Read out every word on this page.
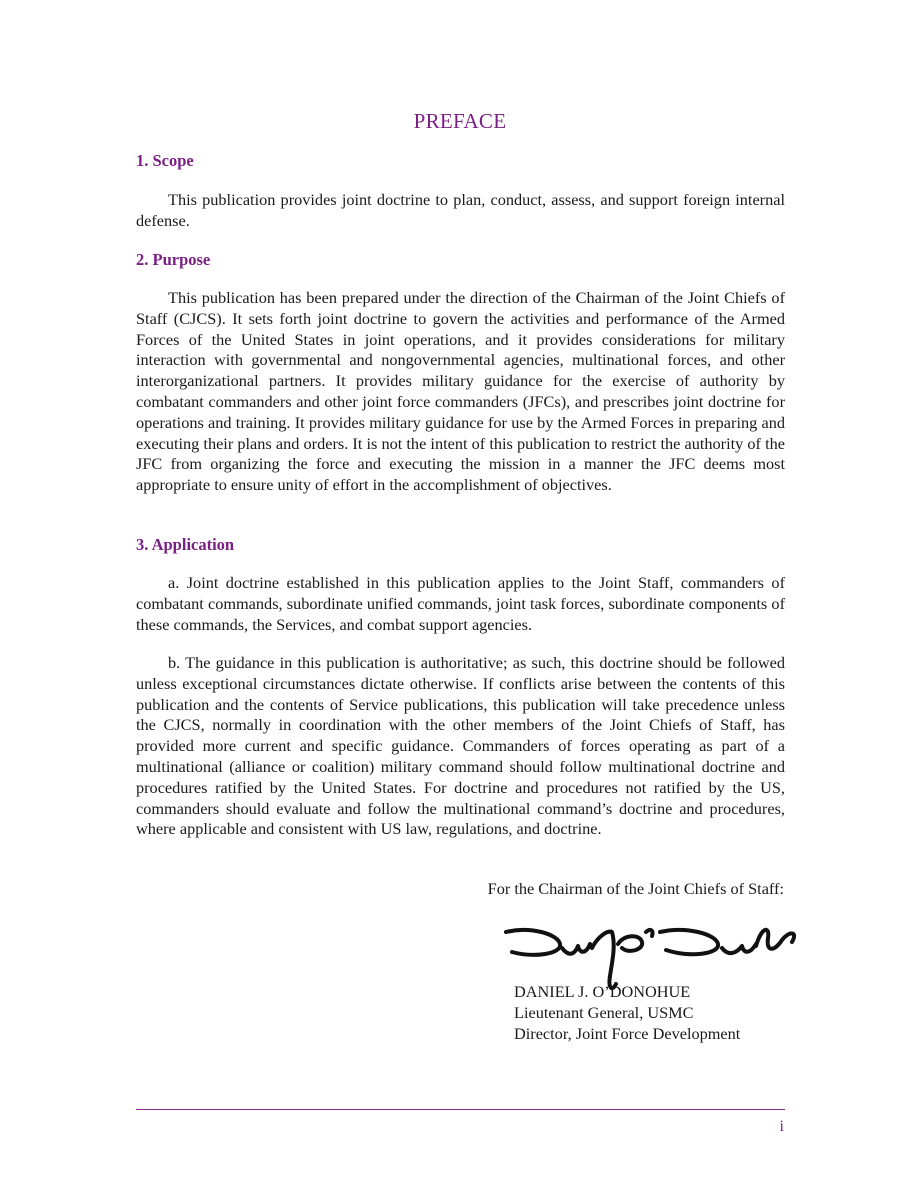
PREFACE
1. Scope

This publication provides joint doctrine to plan, conduct, assess, and support foreign internal defense.

2. Purpose

This publication has been prepared under the direction of the Chairman of the Joint Chiefs of Staff (CJCS). It sets forth joint doctrine to govern the activities and performance of the Armed Forces of the United States in joint operations, and it provides considerations for military interaction with governmental and nongovernmental agencies, multinational forces, and other interorganizational partners. It provides military guidance for the exercise of authority by combatant commanders and other joint force commanders (JFCs), and prescribes joint doctrine for operations and training. It provides military guidance for use by the Armed Forces in preparing and executing their plans and orders. It is not the intent of this publication to restrict the authority of the JFC from organizing the force and executing the mission in a manner the JFC deems most appropriate to ensure unity of effort in the accomplishment of objectives.

3. Application

a. Joint doctrine established in this publication applies to the Joint Staff, commanders of combatant commands, subordinate unified commands, joint task forces, subordinate components of these commands, the Services, and combat support agencies.

b. The guidance in this publication is authoritative; as such, this doctrine should be followed unless exceptional circumstances dictate otherwise. If conflicts arise between the contents of this publication and the contents of Service publications, this publication will take precedence unless the CJCS, normally in coordination with the other members of the Joint Chiefs of Staff, has provided more current and specific guidance. Commanders of forces operating as part of a multinational (alliance or coalition) military command should follow multinational doctrine and procedures ratified by the United States. For doctrine and procedures not ratified by the US, commanders should evaluate and follow the multinational command’s doctrine and procedures, where applicable and consistent with US law, regulations, and doctrine.

For the Chairman of the Joint Chiefs of Staff:
DANIEL J. O’DONOHUE
Lieutenant General, USMC
Director, Joint Force Development
i
